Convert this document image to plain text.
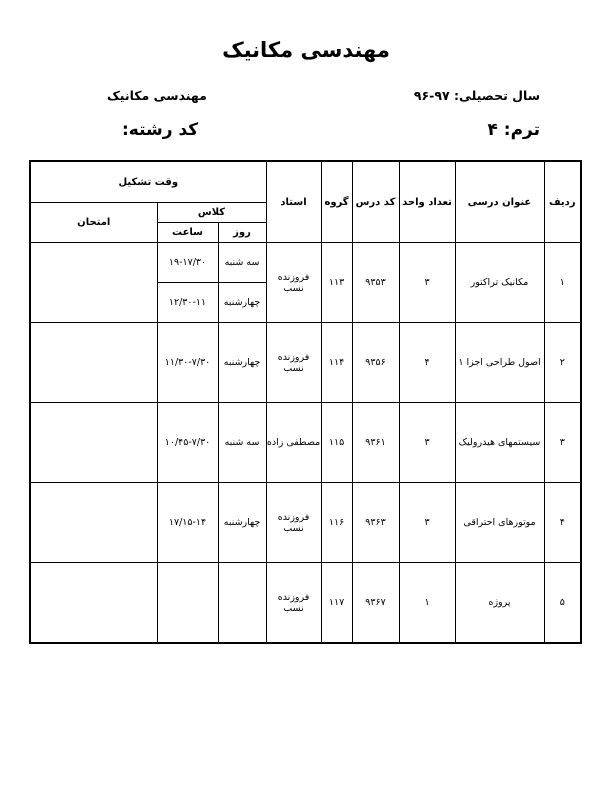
مهندسی مکانیک
سال تحصیلی: ۹۷-۹۶
مهندسی مکانیک
ترم: ۴
کد رشته:
ردیف	عنوان درسی	تعداد واحد	کد درس	گروه	استاد	وقت تشکیل		
						کلاس		امتحان
						روز	ساعت	
۱	مکانیک تراکتور	۳	۹۳۵۳	۱۱۳	فروزنده نسب	سه شنبه	۱۹-۱۷/۳۰	
						چهارشنبه	۱۲/۳۰-۱۱	
۲	اصول طراحی اجزا ۱	۴	۹۳۵۶	۱۱۴	فروزنده نسب	چهارشنبه	۱۱/۳۰-۷/۳۰	
۳	سیستمهای هیدرولیک	۳	۹۳۶۱	۱۱۵	مصطفی زاده	سه شنبه	۱۰/۴۵-۷/۳۰	
۴	موتورهای احتراقی	۳	۹۳۶۳	۱۱۶	فروزنده نسب	چهارشنبه	۱۷/۱۵-۱۴	
۵	پروژه	۱	۹۳۶۷	۱۱۷	فروزنده نسب			
